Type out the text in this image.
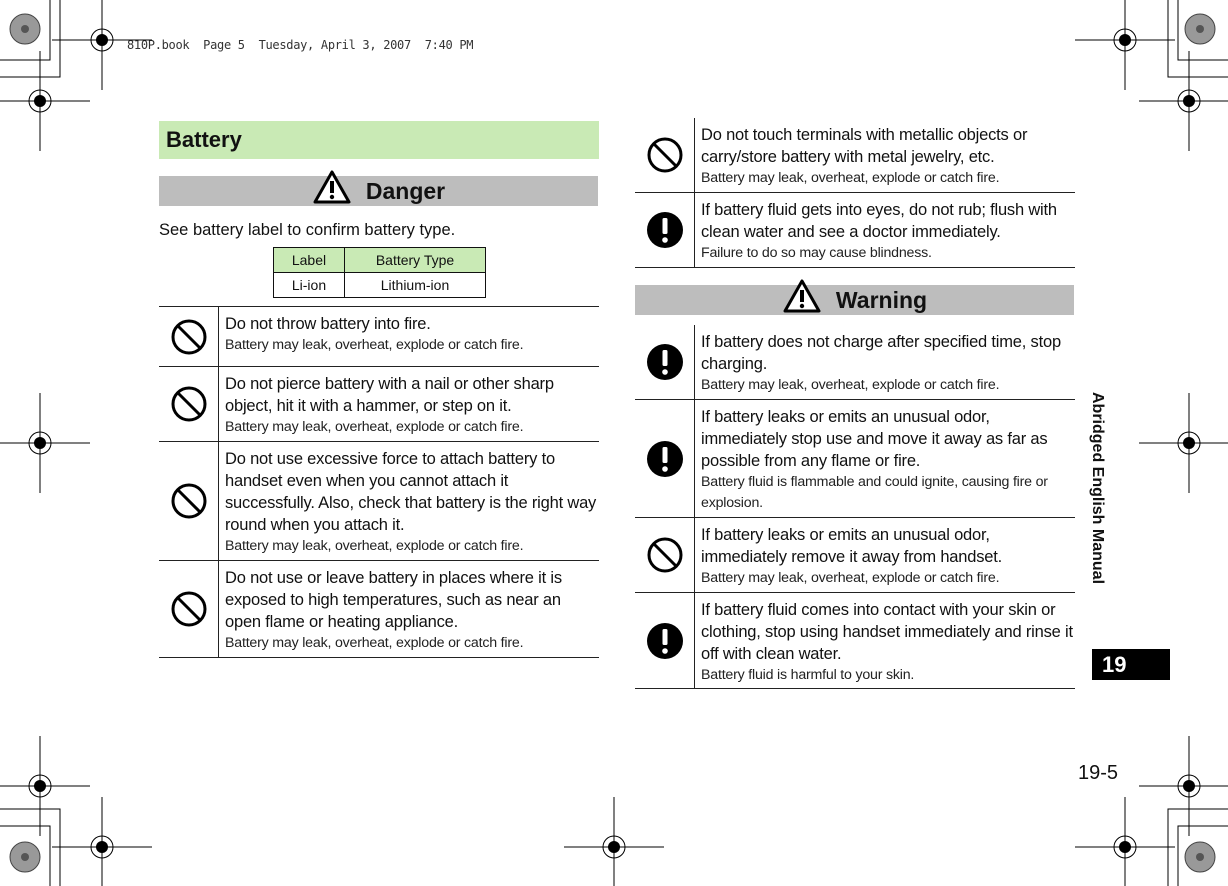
810P.book  Page 5  Tuesday, April 3, 2007  7:40 PM
Battery
Danger
See battery label to confirm battery type.
Label	Battery Type
Li-ion	Lithium-ion
Do not throw battery into fire.
Battery may leak, overheat, explode or catch fire.
Do not pierce battery with a nail or other sharp object, hit it with a hammer, or step on it.
Battery may leak, overheat, explode or catch fire.
Do not use excessive force to attach battery to handset even when you cannot attach it successfully. Also, check that battery is the right way round when you attach it.
Battery may leak, overheat, explode or catch fire.
Do not use or leave battery in places where it is exposed to high temperatures, such as near an open flame or heating appliance.
Battery may leak, overheat, explode or catch fire.
Do not touch terminals with metallic objects or carry/store battery with metal jewelry, etc.
Battery may leak, overheat, explode or catch fire.
If battery fluid gets into eyes, do not rub; flush with clean water and see a doctor immediately.
Failure to do so may cause blindness.
Warning
If battery does not charge after specified time, stop charging.
Battery may leak, overheat, explode or catch fire.
If battery leaks or emits an unusual odor, immediately stop use and move it away as far as possible from any flame or fire.
Battery fluid is flammable and could ignite, causing fire or explosion.
If battery leaks or emits an unusual odor, immediately remove it away from handset.
Battery may leak, overheat, explode or catch fire.
If battery fluid comes into contact with your skin or clothing, stop using handset immediately and rinse it off with clean water.
Battery fluid is harmful to your skin.
Abridged English Manual
19
19-5
